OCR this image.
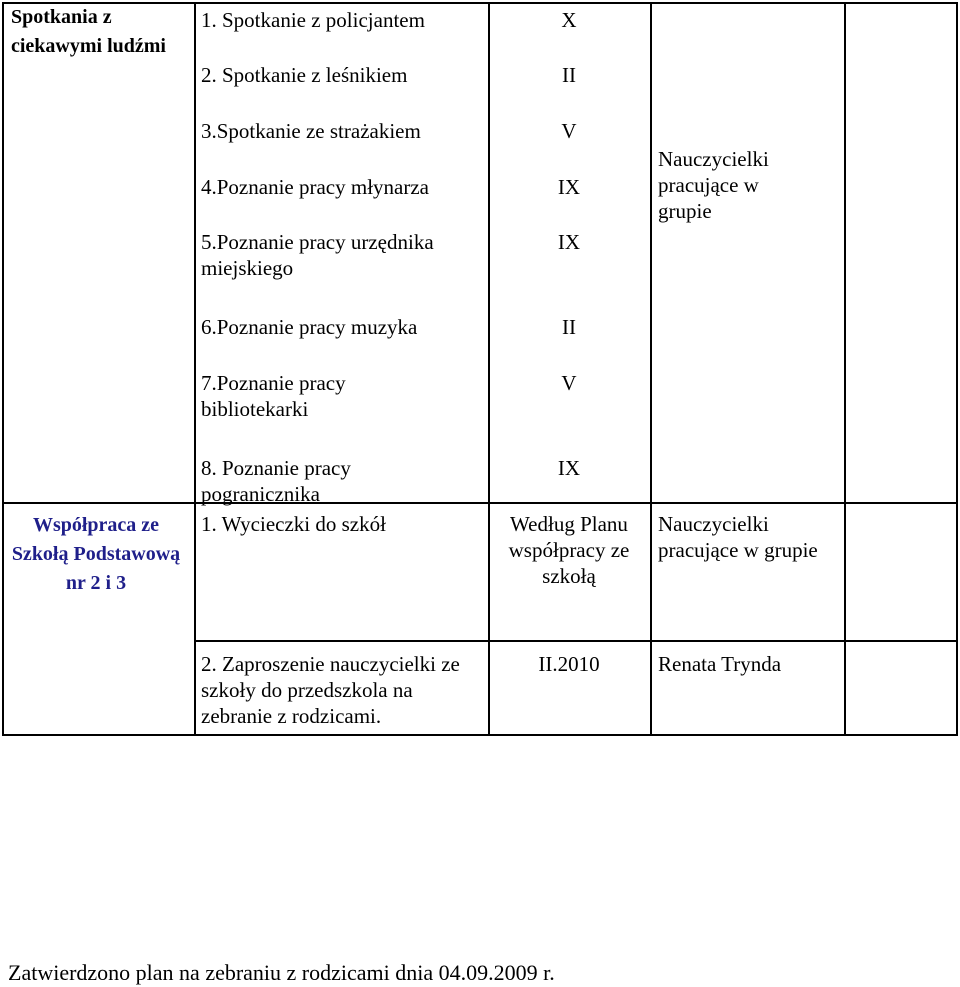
Spotkania z ciekawymi ludźmi
1. Spotkanie z policjantem
2. Spotkanie z leśnikiem
3.Spotkanie ze strażakiem
4.Poznanie pracy młynarza
5.Poznanie pracy urzędnika miejskiego
6.Poznanie pracy muzyka
7.Poznanie pracy bibliotekarki
8. Poznanie pracy pogranicznika
X
II
V
IX
IX
II
V
IX
Nauczycielki pracujące w grupie
Współpraca ze Szkołą Podstawową nr 2 i 3
1. Wycieczki do szkół	Według Planu współpracy ze szkołą
Nauczycielki pracujące w grupie
2. Zaproszenie nauczycielki ze szkoły do przedszkola na zebranie z rodzicami.
II.2010	Renata Trynda
Zatwierdzono plan na zebraniu z rodzicami dnia 04.09.2009 r.
